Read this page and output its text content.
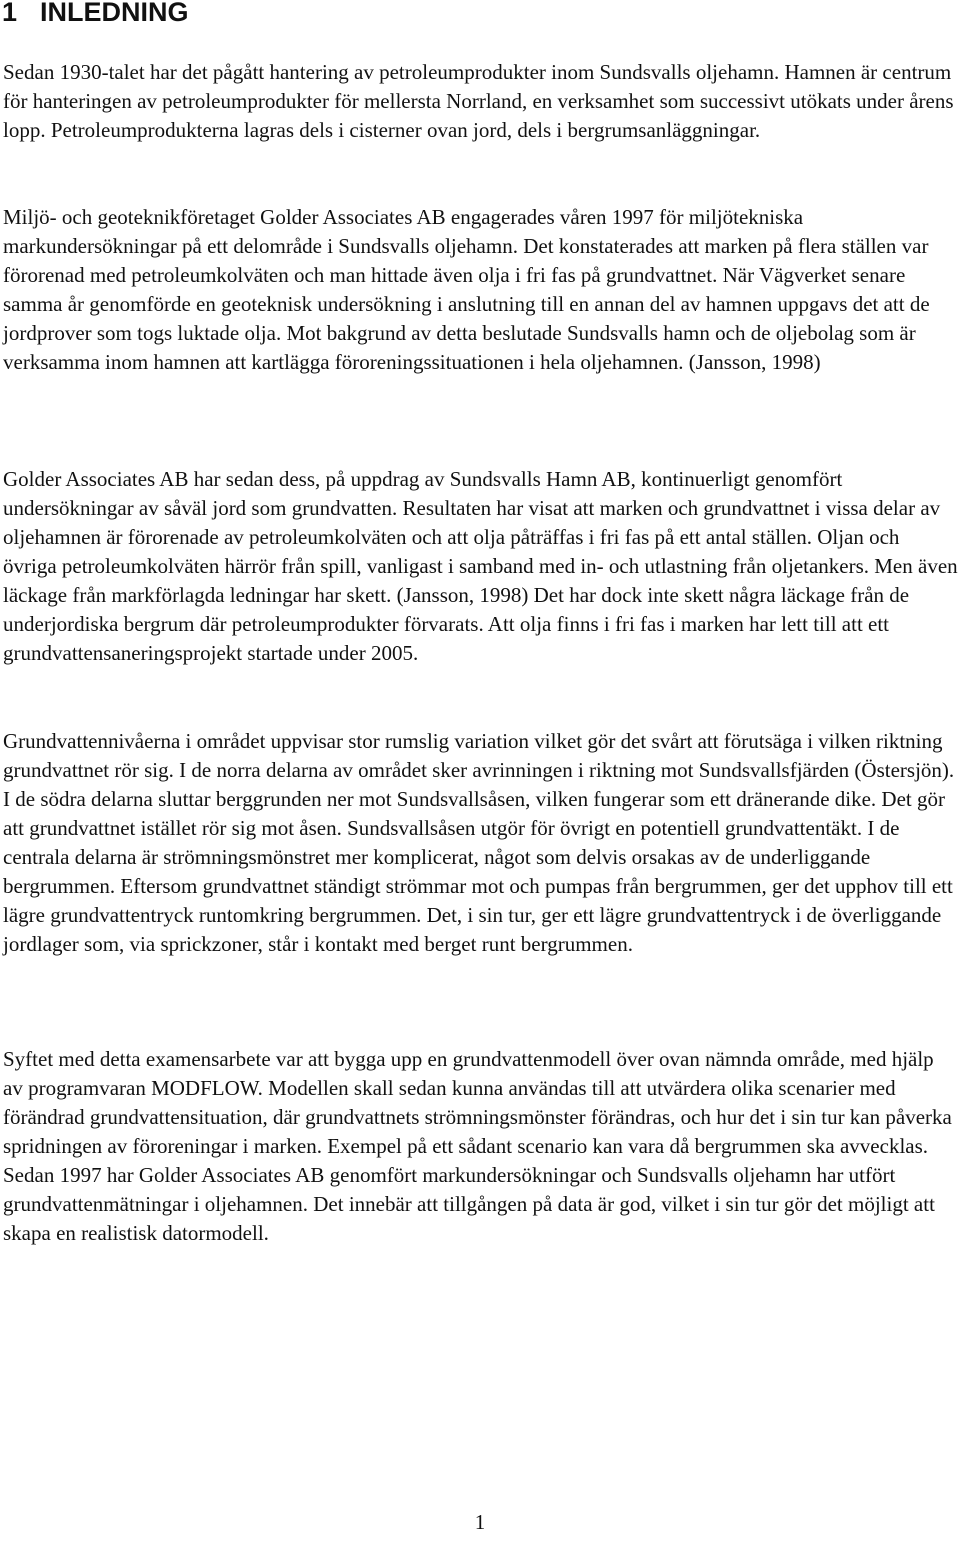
1 INLEDNING

Sedan 1930-talet har det pågått hantering av petroleumprodukter inom Sundsvalls oljehamn. Hamnen är centrum för hanteringen av petroleumprodukter för mellersta Norrland, en verksamhet som successivt utökats under årens lopp. Petroleumprodukterna lagras dels i cisterner ovan jord, dels i bergrumsanläggningar.

Miljö- och geoteknikföretaget Golder Associates AB engagerades våren 1997 för miljötekniska markundersökningar på ett delområde i Sundsvalls oljehamn. Det konstaterades att marken på flera ställen var förorenad med petroleumkolväten och man hittade även olja i fri fas på grundvattnet. När Vägverket senare samma år genomförde en geoteknisk undersökning i anslutning till en annan del av hamnen uppgavs det att de jordprover som togs luktade olja. Mot bakgrund av detta beslutade Sundsvalls hamn och de oljebolag som är verksamma inom hamnen att kartlägga föroreningssituationen i hela oljehamnen. (Jansson, 1998)

Golder Associates AB har sedan dess, på uppdrag av Sundsvalls Hamn AB, kontinuerligt genomfört undersökningar av såväl jord som grundvatten. Resultaten har visat att marken och grundvattnet i vissa delar av oljehamnen är förorenade av petroleumkolväten och att olja påträffas i fri fas på ett antal ställen. Oljan och övriga petroleumkolväten härrör från spill, vanligast i samband med in- och utlastning från oljetankers. Men även läckage från markförlagda ledningar har skett. (Jansson, 1998) Det har dock inte skett några läckage från de underjordiska bergrum där petroleumprodukter förvarats. Att olja finns i fri fas i marken har lett till att ett grundvattensaneringsprojekt startade under 2005.

Grundvattennivåerna i området uppvisar stor rumslig variation vilket gör det svårt att förutsäga i vilken riktning grundvattnet rör sig. I de norra delarna av området sker avrinningen i riktning mot Sundsvallsfjärden (Östersjön). I de södra delarna sluttar berggrunden ner mot Sundsvallsåsen, vilken fungerar som ett dränerande dike. Det gör att grundvattnet istället rör sig mot åsen. Sundsvallsåsen utgör för övrigt en potentiell grundvattentäkt. I de centrala delarna är strömningsmönstret mer komplicerat, något som delvis orsakas av de underliggande bergrummen. Eftersom grundvattnet ständigt strömmar mot och pumpas från bergrummen, ger det upphov till ett lägre grundvattentryck runtomkring bergrummen. Det, i sin tur, ger ett lägre grundvattentryck i de överliggande jordlager som, via sprickzoner, står i kontakt med berget runt bergrummen.

Syftet med detta examensarbete var att bygga upp en grundvattenmodell över ovan nämnda område, med hjälp av programvaran MODFLOW. Modellen skall sedan kunna användas till att utvärdera olika scenarier med förändrad grundvattensituation, där grundvattnets strömningsmönster förändras, och hur det i sin tur kan påverka spridningen av föroreningar i marken. Exempel på ett sådant scenario kan vara då bergrummen ska avvecklas. Sedan 1997 har Golder Associates AB genomfört markundersökningar och Sundsvalls oljehamn har utfört grundvattenmätningar i oljehamnen. Det innebär att tillgången på data är god, vilket i sin tur gör det möjligt att skapa en realistisk datormodell.

1
